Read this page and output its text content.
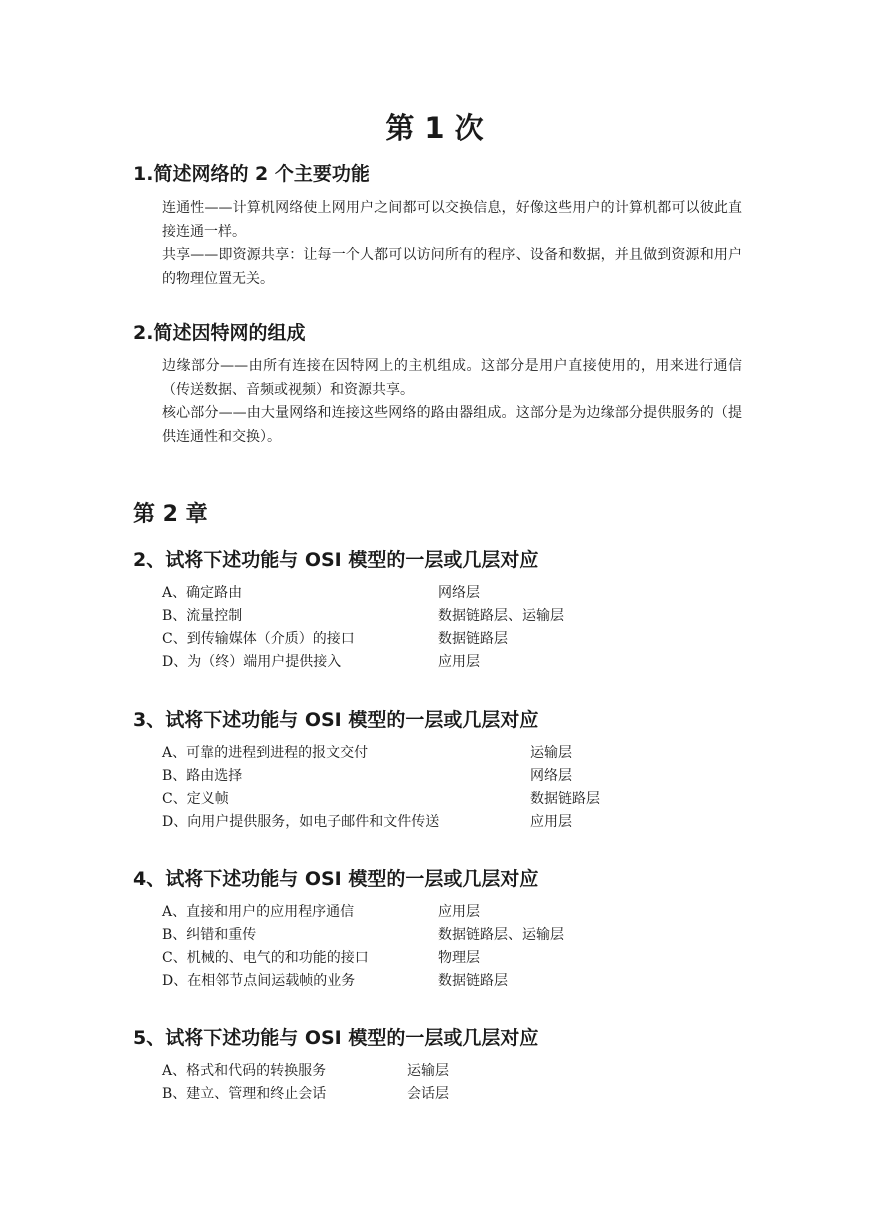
第 1 次
1.简述网络的 2 个主要功能

连通性——计算机网络使上网用户之间都可以交换信息，好像这些用户的计算机都可以彼此直接连通一样。

共享——即资源共享：让每一个人都可以访问所有的程序、设备和数据，并且做到资源和用户的物理位置无关。

2.简述因特网的组成

边缘部分——由所有连接在因特网上的主机组成。这部分是用户直接使用的，用来进行通信（传送数据、音频或视频）和资源共享。

核心部分——由大量网络和连接这些网络的路由器组成。这部分是为边缘部分提供服务的（提供连通性和交换）。

第 2 章
2、试将下述功能与 OSI 模型的一层或几层对应
A、确定路由	网络层
B、流量控制	数据链路层、运输层
C、到传输媒体（介质）的接口	数据链路层
D、为（终）端用户提供接入	应用层
3、试将下述功能与 OSI 模型的一层或几层对应
A、可靠的进程到进程的报文交付	运输层
B、路由选择	网络层
C、定义帧	数据链路层
D、向用户提供服务，如电子邮件和文件传送	应用层
4、试将下述功能与 OSI 模型的一层或几层对应
A、直接和用户的应用程序通信	应用层
B、纠错和重传	数据链路层、运输层
C、机械的、电气的和功能的接口	物理层
D、在相邻节点间运载帧的业务	数据链路层
5、试将下述功能与 OSI 模型的一层或几层对应
A、格式和代码的转换服务	运输层
B、建立、管理和终止会话	会话层
